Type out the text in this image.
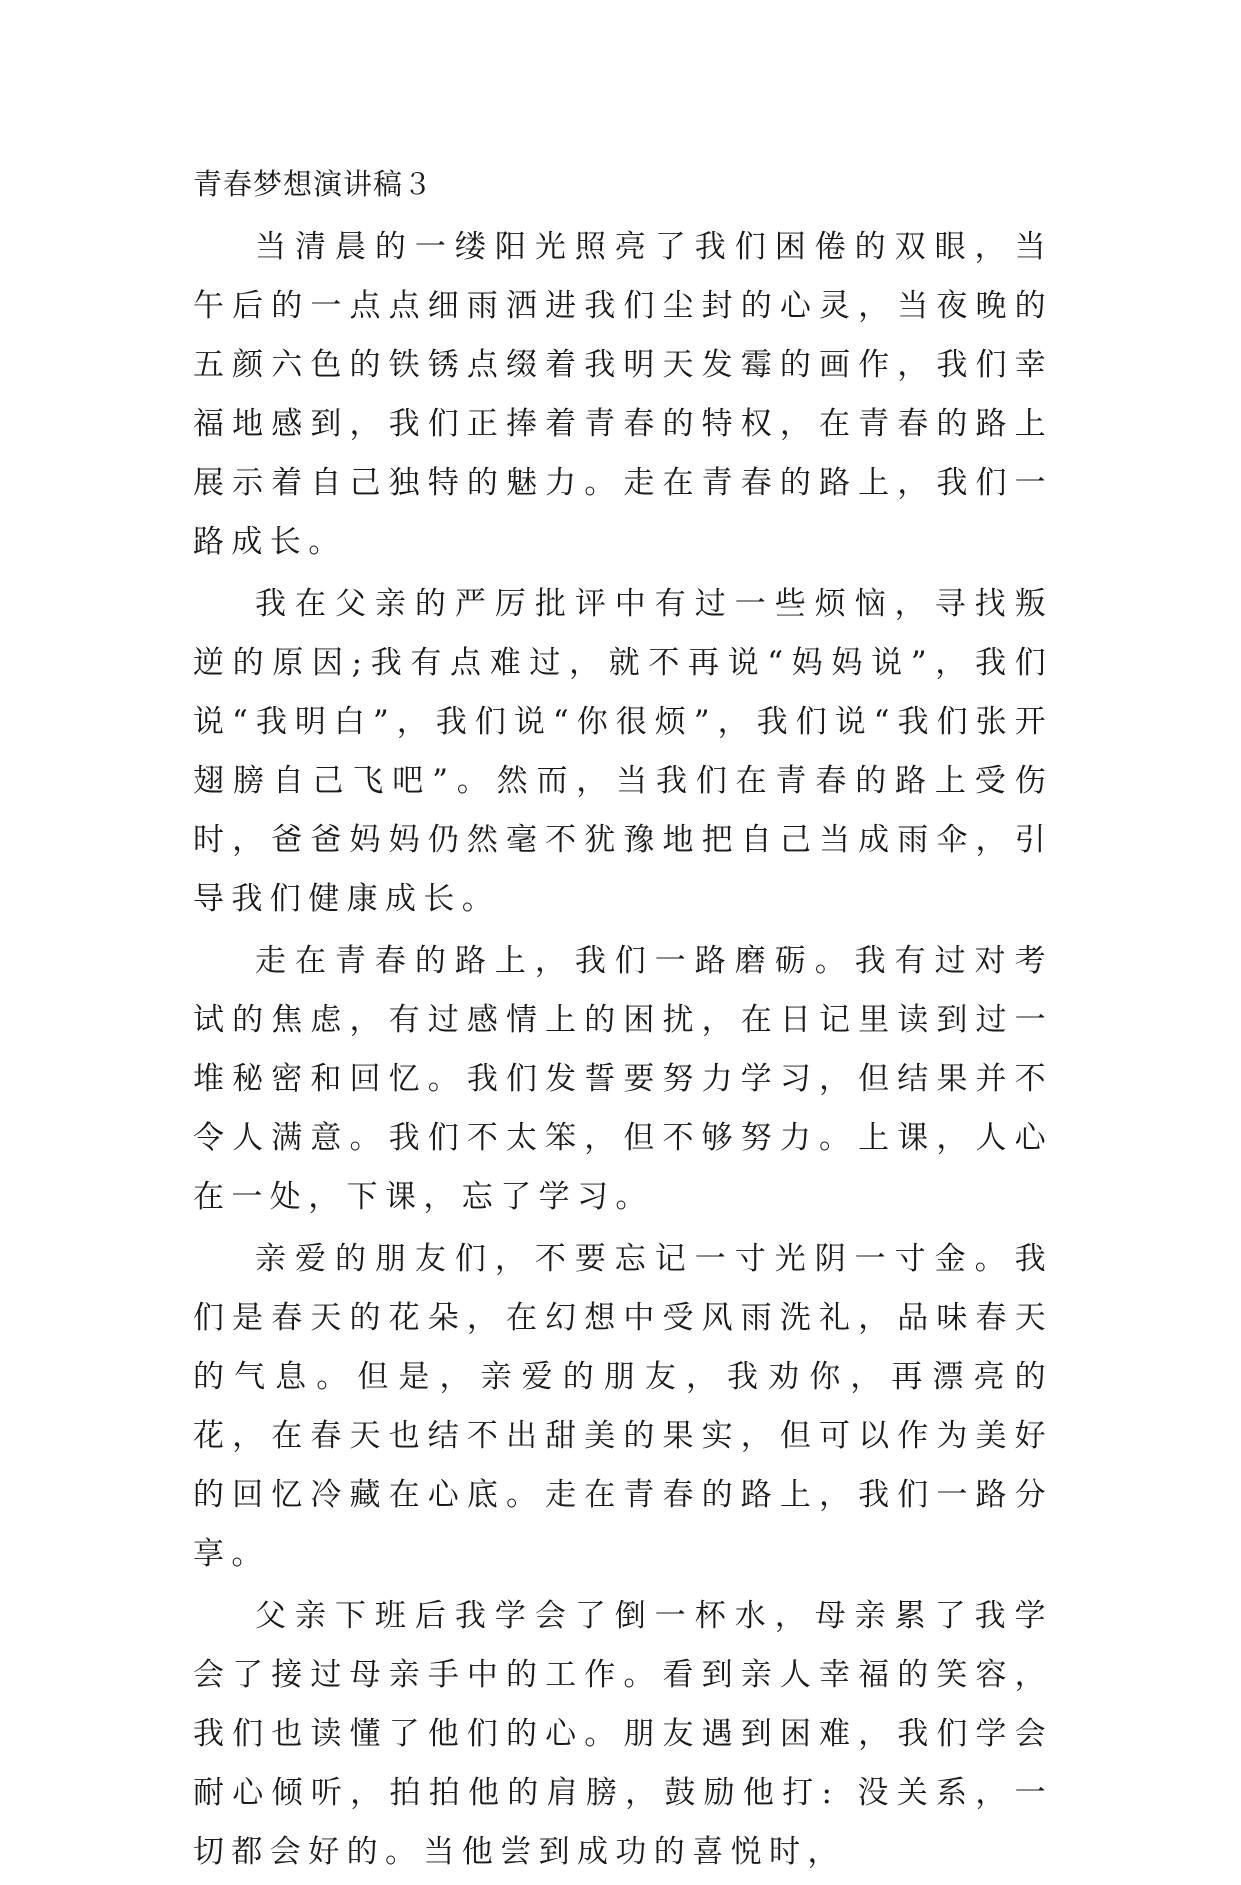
青春梦想演讲稿３

当清晨的一缕阳光照亮了我们困倦的双眼，当午后的一点点细雨洒进我们尘封的心灵，当夜晚的五颜六色的铁锈点缀着我明天发霉的画作，我们幸福地感到，我们正捧着青春的特权，在青春的路上展示着自己独特的魅力。走在青春的路上，我们一路成长。

我在父亲的严厉批评中有过一些烦恼，寻找叛逆的原因;我有点难过，就不再说“妈妈说”，我们说“我明白”，我们说“你很烦”，我们说“我们张开翅膀自己飞吧”。然而，当我们在青春的路上受伤时，爸爸妈妈仍然毫不犹豫地把自己当成雨伞，引导我们健康成长。

走在青春的路上，我们一路磨砺。我有过对考试的焦虑，有过感情上的困扰，在日记里读到过一堆秘密和回忆。我们发誓要努力学习，但结果并不令人满意。我们不太笨，但不够努力。上课，人心在一处，下课，忘了学习。

亲爱的朋友们，不要忘记一寸光阴一寸金。我们是春天的花朵，在幻想中受风雨洗礼，品味春天的气息。但是，亲爱的朋友，我劝你，再漂亮的花，在春天也结不出甜美的果实，但可以作为美好的回忆冷藏在心底。走在青春的路上，我们一路分享。

父亲下班后我学会了倒一杯水，母亲累了我学会了接过母亲手中的工作。看到亲人幸福的笑容，我们也读懂了他们的心。朋友遇到困难，我们学会耐心倾听，拍拍他的肩膀，鼓励他打: 没关系，一切都会好的。当他尝到成功的喜悦时，
